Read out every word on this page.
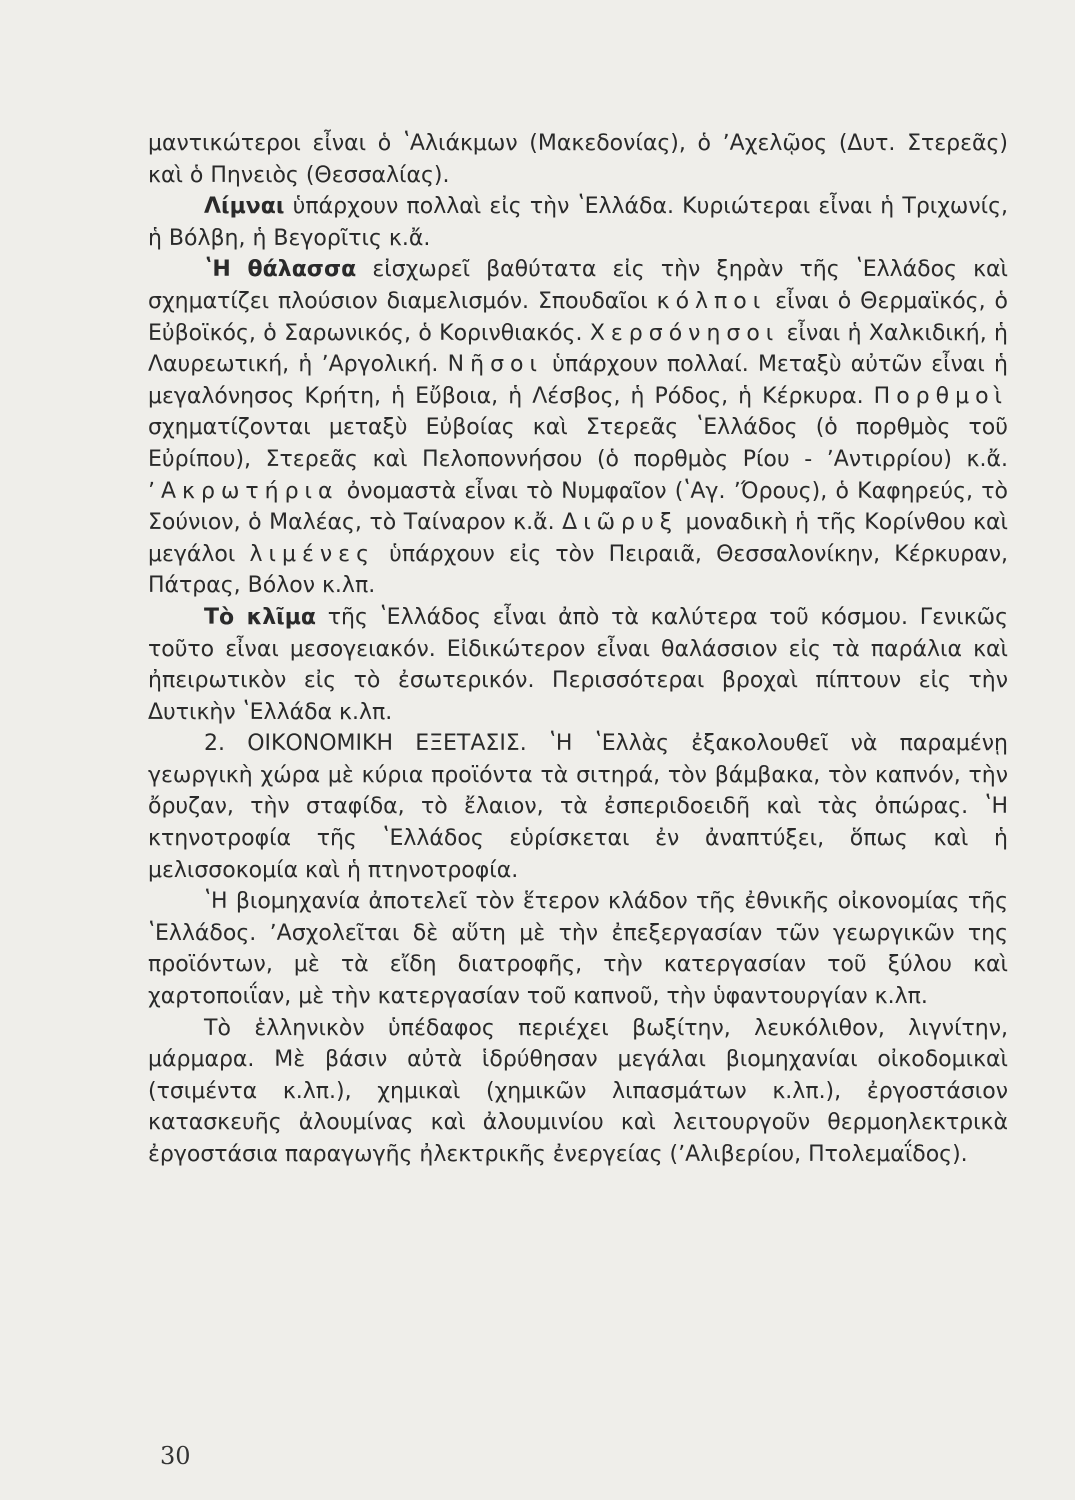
μαντικώτεροι εἶναι ὁ ʽΑλιάκμων (Μακεδονίας), ὁ ʼΑχελῷος (Δυτ. Στερεᾶς) καὶ ὁ Πηνειὸς (Θεσσαλίας).

Λίμναι ὑπάρχουν πολλαὶ εἰς τὴν ʽΕλλάδα. Κυριώτεραι εἶναι ἡ Τριχωνίς, ἡ Βόλβη, ἡ Βεγορῖτις κ.ἄ.

ʽΗ θάλασσα εἰσχωρεῖ βαθύτατα εἰς τὴν ξηρὰν τῆς ʽΕλλάδος καὶ σχηματίζει πλούσιον διαμελισμόν. Σπουδαῖοι κόλποι εἶναι ὁ Θερμαϊκός, ὁ Εὐβοϊκός, ὁ Σαρωνικός, ὁ Κορινθιακός. Χερσόνησοι εἶναι ἡ Χαλκιδική, ἡ Λαυρεωτική, ἡ ʼΑργολική. Νῆσοι ὑπάρχουν πολλαί. Μεταξὺ αὐτῶν εἶναι ἡ μεγαλόνησος Κρήτη, ἡ Εὔβοια, ἡ Λέσβος, ἡ Ρόδος, ἡ Κέρκυρα. Πορθμοὶ σχηματίζονται μεταξὺ Εὐβοίας καὶ Στερεᾶς ʽΕλλάδος (ὁ πορθμὸς τοῦ Εὐρίπου), Στερεᾶς καὶ Πελοποννήσου (ὁ πορθμὸς Ρίου - ʼΑντιρρίου) κ.ἄ. ʼΑκρωτήρια ὀνομαστὰ εἶναι τὸ Νυμφαῖον (ʽΑγ. ʼΌρους), ὁ Καφηρεύς, τὸ Σούνιον, ὁ Μαλέας, τὸ Ταίναρον κ.ἄ. Διῶρυξ μοναδικὴ ἡ τῆς Κορίνθου καὶ μεγάλοι λιμένες ὑπάρχουν εἰς τὸν Πειραιᾶ, Θεσσαλονίκην, Κέρκυραν, Πάτρας, Βόλον κ.λπ.

Τὸ κλῖμα τῆς ʽΕλλάδος εἶναι ἀπὸ τὰ καλύτερα τοῦ κόσμου. Γενικῶς τοῦτο εἶναι μεσογειακόν. Εἰδικώτερον εἶναι θαλάσσιον εἰς τὰ παράλια καὶ ἠπειρωτικὸν εἰς τὸ ἐσωτερικόν. Περισσότεραι βροχαὶ πίπτουν εἰς τὴν Δυτικὴν ʽΕλλάδα κ.λπ.

2. ΟΙΚΟΝΟΜΙΚΗ ΕΞΕΤΑΣΙΣ. ʽΗ ʽΕλλὰς ἐξακολουθεῖ νὰ παραμένῃ γεωργικὴ χώρα μὲ κύρια προϊόντα τὰ σιτηρά, τὸν βάμβακα, τὸν καπνόν, τὴν ὄρυζαν, τὴν σταφίδα, τὸ ἔλαιον, τὰ ἐσπεριδοειδῆ καὶ τὰς ὀπώρας. ʽΗ κτηνοτροφία τῆς ʽΕλλάδος εὑρίσκεται ἐν ἀναπτύξει, ὅπως καὶ ἡ μελισσοκομία καὶ ἡ πτηνοτροφία.

ʽΗ βιομηχανία ἀποτελεῖ τὸν ἕτερον κλάδον τῆς ἐθνικῆς οἰκονομίας τῆς ʽΕλλάδος. ʼΑσχολεῖται δὲ αὕτη μὲ τὴν ἐπεξεργασίαν τῶν γεωργικῶν της προϊόντων, μὲ τὰ εἴδη διατροφῆς, τὴν κατεργασίαν τοῦ ξύλου καὶ χαρτοποιΐαν, μὲ τὴν κατεργασίαν τοῦ καπνοῦ, τὴν ὑφαντουργίαν κ.λπ.

Τὸ ἑλληνικὸν ὑπέδαφος περιέχει βωξίτην, λευκόλιθον, λιγνίτην, μάρμαρα. Μὲ βάσιν αὐτὰ ἱδρύθησαν μεγάλαι βιομηχανίαι οἰκοδομικαὶ (τσιμέντα κ.λπ.), χημικαὶ (χημικῶν λιπασμάτων κ.λπ.), ἐργοστάσιον κατασκευῆς ἀλουμίνας καὶ ἀλουμινίου καὶ λειτουργοῦν θερμοηλεκτρικὰ ἐργοστάσια παραγωγῆς ἠλεκτρικῆς ἐνεργείας (ʼΑλιβερίου, Πτολεμαΐδος).

30
